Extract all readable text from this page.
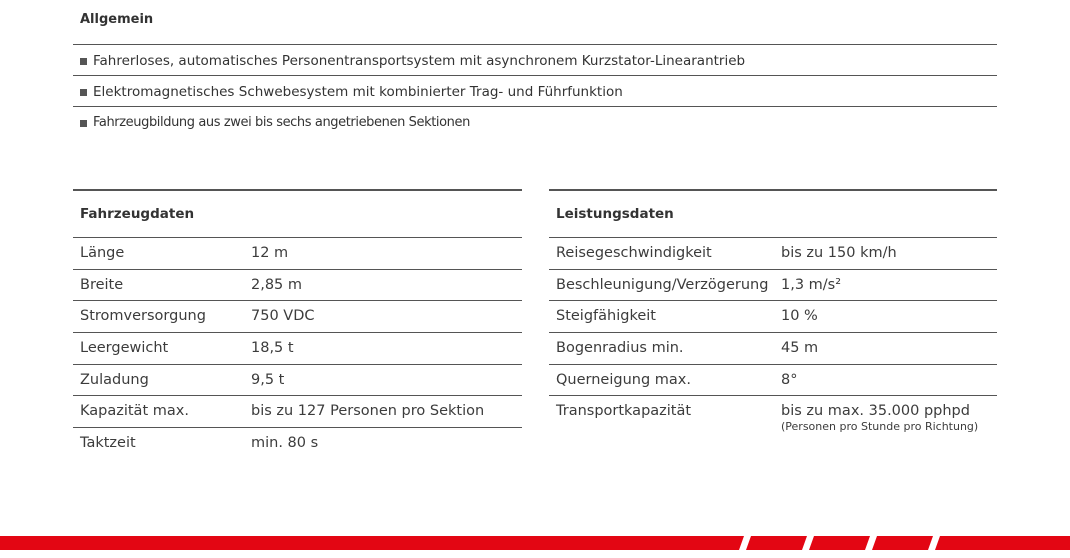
Allgemein
Fahrerloses, automatisches Personentransportsystem mit asynchronem Kurzstator-Linearantrieb
Elektromagnetisches Schwebesystem mit kombinierter Trag- und Führfunktion
Fahrzeugbildung aus zwei bis sechs angetriebenen Sektionen
Fahrzeugdaten
Länge	12 m
Breite	2,85 m
Stromversorgung	750 VDC
Leergewicht	18,5 t
Zuladung	9,5 t
Kapazität max.	bis zu 127 Personen pro Sektion
Taktzeit	min. 80 s
Leistungsdaten
Reisegeschwindigkeit	bis zu 150 km/h
Beschleunigung/Verzögerung 1,3 m/s²
Steigfähigkeit	10 %
Bogenradius min.	45 m
Querneigung max.	8°
Transportkapazität	bis zu max. 35.000 pphpd
(Personen pro Stunde pro Richtung)
